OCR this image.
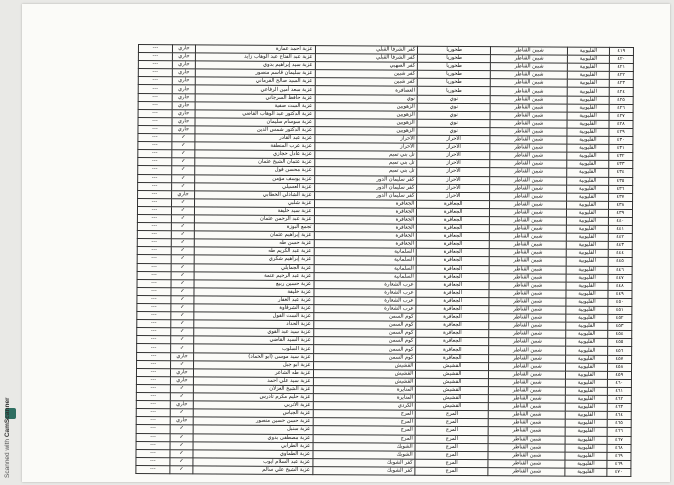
---	جاري	عزبة أحمد عمارة	كفر الشرفا القبلي	طحوريا	شبين القناطر	القليوبية	٤١٩
---	جاري	عزبة عبد الفتاح عبد الوهاب زايد	كفر الشرفا القبلي	طحوريا	شبين القناطر	القليوبية	٤٢٠
---	جاري	عزبة سيد إبراهيم بدوي	كفر الصهبي	طحوريا	شبين القناطر	القليوبية	٤٢١
---	جاري	عزبة سليمان قاسم منصور	كفر شبين	طحوريا	شبين القناطر	القليوبية	٤٢٢
---	جاري	عزبة السيد صالح الفرماني	كفر شبين	طحوريا	شبين القناطر	القليوبية	٤٢٣
---	جاري	عزبة سعد أمين الرفاعي	العصافرة	طحوريا	شبين القناطر	القليوبية	٤٢٤
---	جاري	عزبة حافظ السرجاني	نوي	نوي	شبين القناطر	القليوبية	٤٢٥
---	جاري	عزبة الست صفية	الزهويين	نوي	شبين القناطر	القليوبية	٤٢٦
---	جاري	عزبة الدكتور عبد الوهاب القاضي	الزهويين	نوي	شبين القناطر	القليوبية	٤٢٧
---	جاري	عزبة سوسام سليمان	الزهويين	نوي	شبين القناطر	القليوبية	٤٢٨
---	جاري	عزبة الدكتور شمس الدين	الزهويين	نوي	شبين القناطر	القليوبية	٤٢٩
---	✓	عزبة عبد القادر	الأحراز	الأحراز	شبين القناطر	القليوبية	٤٣٠
---	✓	عزبة عرب المنطقة	الأحراز	الأحراز	شبين القناطر	القليوبية	٤٣١
---	✓	عزبة عادل حجازي	تل بني تميم	الأحراز	شبين القناطر	القليوبية	٤٣٢
---	✓	عزبة عثمان الشيخ عثمان	تل بني تميم	الأحراز	شبين القناطر	القليوبية	٤٣٣
---	✓	عزبة محسن فول	تل بني تميم	الأحراز	شبين القناطر	القليوبية	٤٣٤
---	✓	عزبة يوسف مؤمن	كفر سليمان الدور	الأحراز	شبين القناطر	القليوبية	٤٣٥
---	✓	عزبة العسيلي	كفر سليمان الدور	الأحراز	شبين القناطر	القليوبية	٤٣٦
---	جاري	عزبة الشاذلي الخطابي	كفر سليمان الدور	الأحراز	شبين القناطر	القليوبية	٤٣٧
---	✓	عزبة شلبي	الجعافرة	الجعافرة	شبين القناطر	القليوبية	٤٣٨
---	✓	عزبة سيد خليفة	الجعافرة	الجعافرة	شبين القناطر	القليوبية	٤٣٩
---	✓	عزبة عبد الرحمن عثمان	الجعافرة	الجعافرة	شبين القناطر	القليوبية	٤٤٠
---	✓	تجمع البوزة	الجعافرة	الجعافرة	شبين القناطر	القليوبية	٤٤١
---	✓	عزبة إبراهيم عثمان	الجعافرة	الجعافرة	شبين القناطر	القليوبية	٤٤٢
---	✓	عزبة حسن طه	الجعافرة	الجعافرة	شبين القناطر	القليوبية	٤٤٣
---	✓	عزبة عبد الكريم طه	السلمانية	الجعافرة	شبين القناطر	القليوبية	٤٤٤
---	✓	عزبة إبراهيم شكري	السلمانية	الجعافرة	شبين القناطر	القليوبية	٤٤٥
---	✓	عزبة الجمايلي	السلمانية	الجعافرة	شبين القناطر	القليوبية	٤٤٦
---	✓	عزبة عبد الرحيم عتمة	السلمانية	الجعافرة	شبين القناطر	القليوبية	٤٤٧
---	✓	عزبة حسين ربيع	عرب الشعارة	الجعافرة	شبين القناطر	القليوبية	٤٤٨
---	✓	عزبة خليفة	عرب الشعارة	الجعافرة	شبين القناطر	القليوبية	٤٤٩
---	✓	عزبة عبد الغفار	عرب الشعارة	الجعافرة	شبين القناطر	القليوبية	٤٥٠
---	✓	عزبة الشرقاوة	عرب الشعارة	الجعافرة	شبين القناطر	القليوبية	٤٥١
---	✓	عزبة الست القول	كوم السمن	الجعافرة	شبين القناطر	القليوبية	٤٥٢
---	✓	عزبة الحداد	كوم السمن	الجعافرة	شبين القناطر	القليوبية	٤٥٣
---	✓	عزبة سيد عبد القوي	كوم السمن	الجعافرة	شبين القناطر	القليوبية	٤٥٤
---	✓	عزبة السيد القاضي	كوم السمن	الجعافرة	شبين القناطر	القليوبية	٤٥٥
---	✓	عزبة السلوب	كوم السمن	الجعافرة	شبين القناطر	القليوبية	٤٥٦
---	جاري	عزبة سيد موسى (أبو الحماد)	كوم السمن	الجعافرة	شبين القناطر	القليوبية	٤٥٧
---	✓	عزبة أبو جبل	القشيش	القشيش	شبين القناطر	القليوبية	٤٥٨
---	جاري	عزبة طه الشاعر	القشيش	القشيش	شبين القناطر	القليوبية	٤٥٩
---	جاري	عزبة سيد علي أحمد	القشيش	القشيش	شبين القناطر	القليوبية	٤٦٠
---	✓	عزبة الشيخ الغزلان	المنايرة	القشيش	شبين القناطر	القليوبية	٤٦١
---	✓	عزبة حليم مكرم تادرس	المنايرة	القشيش	شبين القناطر	القليوبية	٤٦٢
---	جاري	عزبة الأتربي	الكردي	القشيش	شبين القناطر	القليوبية	٤٦٣
---	✓	عزبة الجباس	المرج	المرج	شبين القناطر	القليوبية	٤٦٤
---	جاري	عزبة حسن حسين منصور	المرج	المرج	شبين القناطر	القليوبية	٤٦٥
---	✓	عزبة سنبل	المرج	المرج	شبين القناطر	القليوبية	٤٦٦
---	✓	عزبة مصطفى بدوي	المرج	المرج	شبين القناطر	القليوبية	٤٦٧
---	✓	عزبة الطرابي	الشوبك	المرج	شبين القناطر	القليوبية	٤٦٨
---	✓	عزبة الطماوي	الشوبك	المرج	شبين القناطر	القليوبية	٤٦٩
---	✓	عزبة عبد السلام أيوب	كفر الشوبك	المرج	شبين القناطر	القليوبية	٤٦٩
---	✓	عزبة الشيخ علي سالم	كفر الشوبك	المرج	شبين القناطر	القليوبية	٤٧٠
Scanned with CamScanner
